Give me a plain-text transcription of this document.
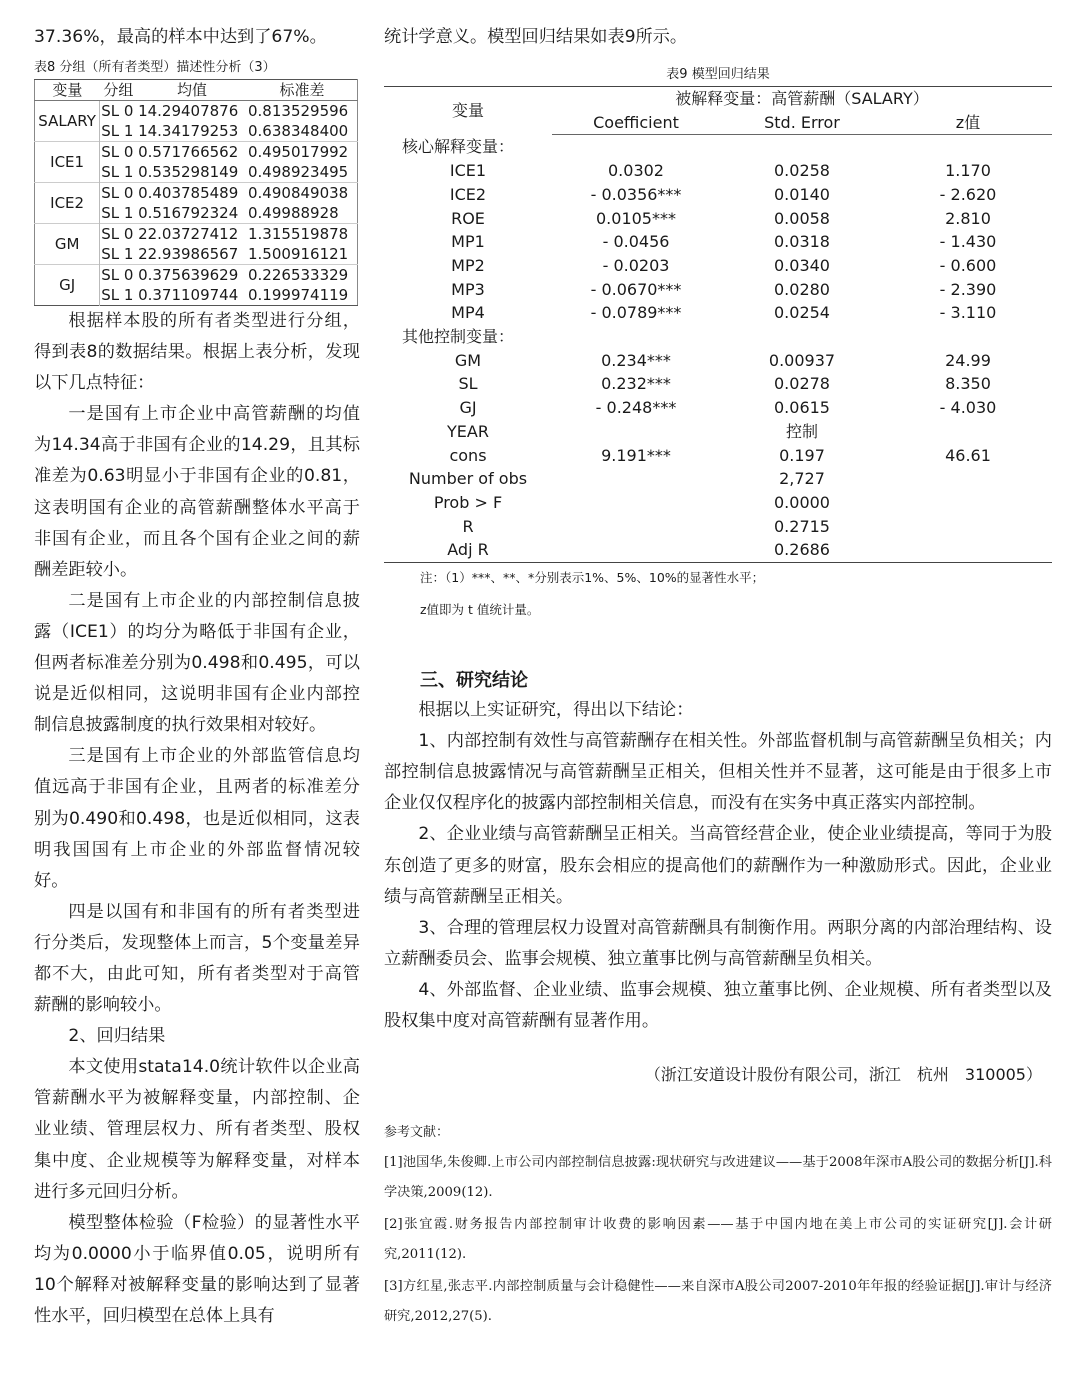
37.36%，最高的样本中达到了67%。

表8 分组（所有者类型）描述性分析（3）
变量	分组	均值	标准差
SALARY	SL 0	14.29407876	0.813529596
	SL 1	14.34179253	0.638348400
ICE1	SL 0	0.571766562	0.495017992
	SL 1	0.535298149	0.498923495
ICE2	SL 0	0.403785489	0.490849038
	SL 1	0.516792324	0.49988928
GM	SL 0	22.03727412	1.315519878
	SL 1	22.93986567	1.500916121
GJ	SL 0	0.375639629	0.226533329
	SL 1	0.371109744	0.199974119

根据样本股的所有者类型进行分组，得到表8的数据结果。根据上表分析，发现以下几点特征：

一是国有上市企业中高管薪酬的均值为14.34高于非国有企业的14.29，且其标准差为0.63明显小于非国有企业的0.81，这表明国有企业的高管薪酬整体水平高于非国有企业，而且各个国有企业之间的薪酬差距较小。

二是国有上市企业的内部控制信息披露（ICE1）的均分为略低于非国有企业，但两者标准差分别为0.498和0.495，可以说是近似相同，这说明非国有企业内部控制信息披露制度的执行效果相对较好。

三是国有上市企业的外部监管信息均值远高于非国有企业，且两者的标准差分别为0.490和0.498，也是近似相同，这表明我国国有上市企业的外部监督情况较好。

四是以国有和非国有的所有者类型进行分类后，发现整体上而言，5个变量差异都不大，由此可知，所有者类型对于高管薪酬的影响较小。

2、回归结果

本文使用stata14.0统计软件以企业高管薪酬水平为被解释变量，内部控制、企业业绩、管理层权力、所有者类型、股权集中度、企业规模等为解释变量，对样本进行多元回归分析。

模型整体检验（F检验）的显著性水平均为0.0000小于临界值0.05，说明所有10个解释对被解释变量的影响达到了显著性水平，回归模型在总体上具有

统计学意义。模型回归结果如表9所示。

表9 模型回归结果
变量	被解释变量：高管薪酬（SALARY）		
	Coefficient	Std. Error	z值
核心解释变量：			
ICE1	0.0302	0.0258	1.170
ICE2	- 0.0356***	0.0140	- 2.620
ROE	0.0105***	0.0058	2.810
MP1	- 0.0456	0.0318	- 1.430
MP2	- 0.0203	0.0340	- 0.600
MP3	- 0.0670***	0.0280	- 2.390
MP4	- 0.0789***	0.0254	- 3.110
其他控制变量：			
GM	0.234***	0.00937	24.99
SL	0.232***	0.0278	8.350
GJ	- 0.248***	0.0615	- 4.030
YEAR		控制	
cons	9.191***	0.197	46.61
Number of obs		2,727	
Prob > F		0.0000	
R		0.2715	
Adj R		0.2686	
注：（1）***、**、*分别表示1%、5%、10%的显著性水平；
z值即为 t 值统计量。
三、研究结论

根据以上实证研究，得出以下结论：

1、内部控制有效性与高管薪酬存在相关性。外部监督机制与高管薪酬呈负相关；内部控制信息披露情况与高管薪酬呈正相关，但相关性并不显著，这可能是由于很多上市企业仅仅程序化的披露内部控制相关信息，而没有在实务中真正落实内部控制。

2、企业业绩与高管薪酬呈正相关。当高管经营企业，使企业业绩提高，等同于为股东创造了更多的财富，股东会相应的提高他们的薪酬作为一种激励形式。因此，企业业绩与高管薪酬呈正相关。

3、合理的管理层权力设置对高管薪酬具有制衡作用。两职分离的内部治理结构、设立薪酬委员会、监事会规模、独立董事比例与高管薪酬呈负相关。

4、外部监督、企业业绩、监事会规模、独立董事比例、企业规模、所有者类型以及股权集中度对高管薪酬有显著作用。

（浙江安道设计股份有限公司，浙江　杭州　310005）
参考文献：

[1]池国华,朱俊卿.上市公司内部控制信息披露:现状研究与改进建议——基于2008年深市A股公司的数据分析[J].科学决策,2009(12).

[2]张宜霞.财务报告内部控制审计收费的影响因素——基于中国内地在美上市公司的实证研究[J].会计研究,2011(12).

[3]方红星,张志平.内部控制质量与会计稳健性——来自深市A股公司2007-2010年年报的经验证据[J].审计与经济研究,2012,27(5).
